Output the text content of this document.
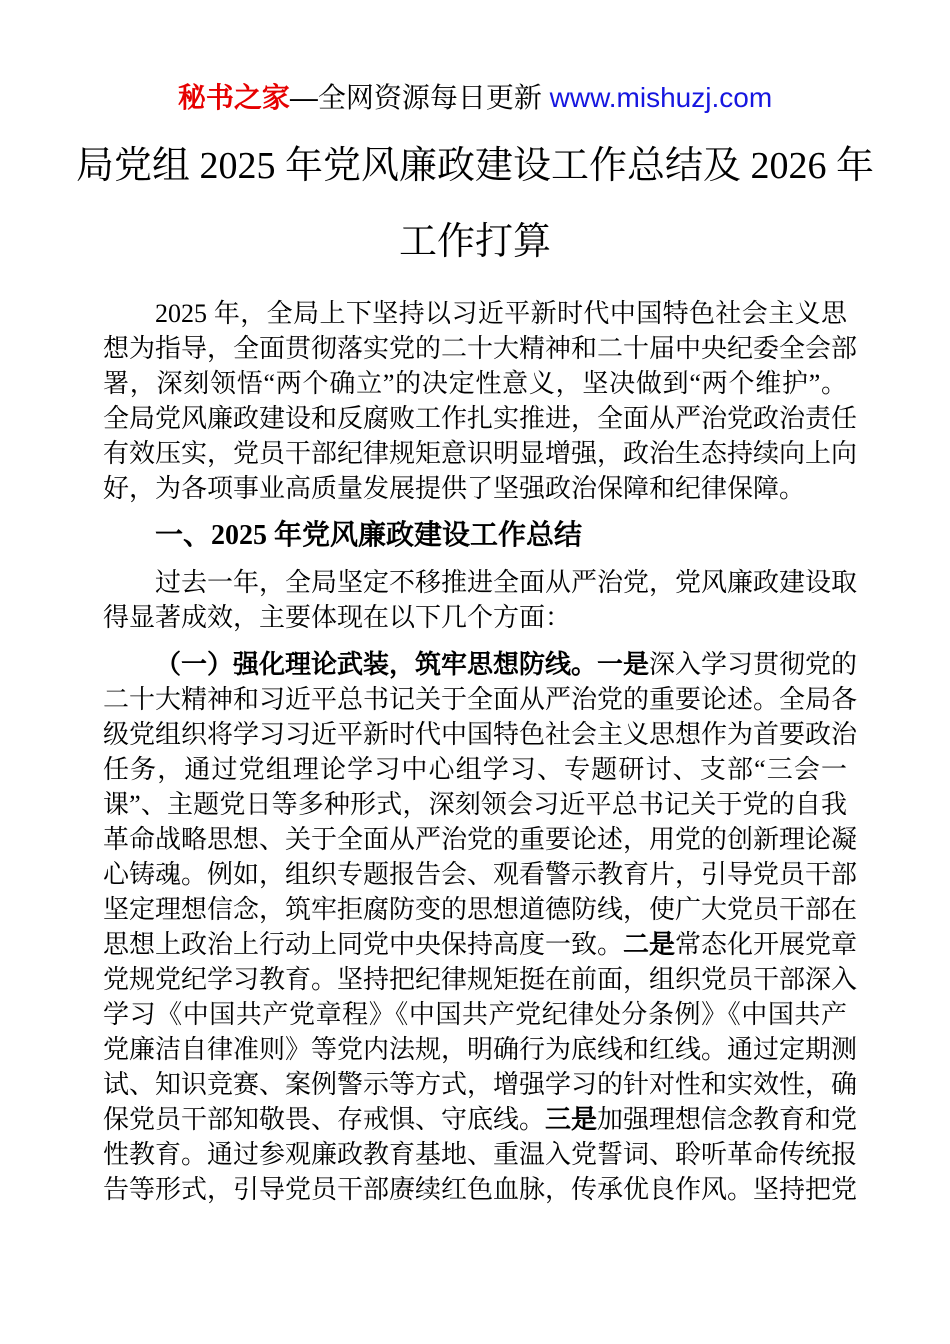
秘书之家—全网资源每日更新 www.mishuzj.com
局党组 2025 年党风廉政建设工作总结及 2026 年
工作打算
2025 年，全局上下坚持以习近平新时代中国特色社会主义思
想为指导，全面贯彻落实党的二十大精神和二十届中央纪委全会部
署，深刻领悟“两个确立”的决定性意义，坚决做到“两个维护”。
全局党风廉政建设和反腐败工作扎实推进，全面从严治党政治责任
有效压实，党员干部纪律规矩意识明显增强，政治生态持续向上向
好，为各项事业高质量发展提供了坚强政治保障和纪律保障。
一、2025 年党风廉政建设工作总结
过去一年，全局坚定不移推进全面从严治党，党风廉政建设取
得显著成效，主要体现在以下几个方面：
（一）强化理论武装，筑牢思想防线。一是深入学习贯彻党的
二十大精神和习近平总书记关于全面从严治党的重要论述。全局各
级党组织将学习习近平新时代中国特色社会主义思想作为首要政治
任务，通过党组理论学习中心组学习、专题研讨、支部“三会一
课”、主题党日等多种形式，深刻领会习近平总书记关于党的自我
革命战略思想、关于全面从严治党的重要论述，用党的创新理论凝
心铸魂。例如，组织专题报告会、观看警示教育片，引导党员干部
坚定理想信念，筑牢拒腐防变的思想道德防线，使广大党员干部在
思想上政治上行动上同党中央保持高度一致。二是常态化开展党章
党规党纪学习教育。坚持把纪律规矩挺在前面，组织党员干部深入
学习《中国共产党章程》《中国共产党纪律处分条例》《中国共产
党廉洁自律准则》等党内法规，明确行为底线和红线。通过定期测
试、知识竞赛、案例警示等方式，增强学习的针对性和实效性，确
保党员干部知敬畏、存戒惧、守底线。三是加强理想信念教育和党
性教育。通过参观廉政教育基地、重温入党誓词、聆听革命传统报
告等形式，引导党员干部赓续红色血脉，传承优良作风。坚持把党
